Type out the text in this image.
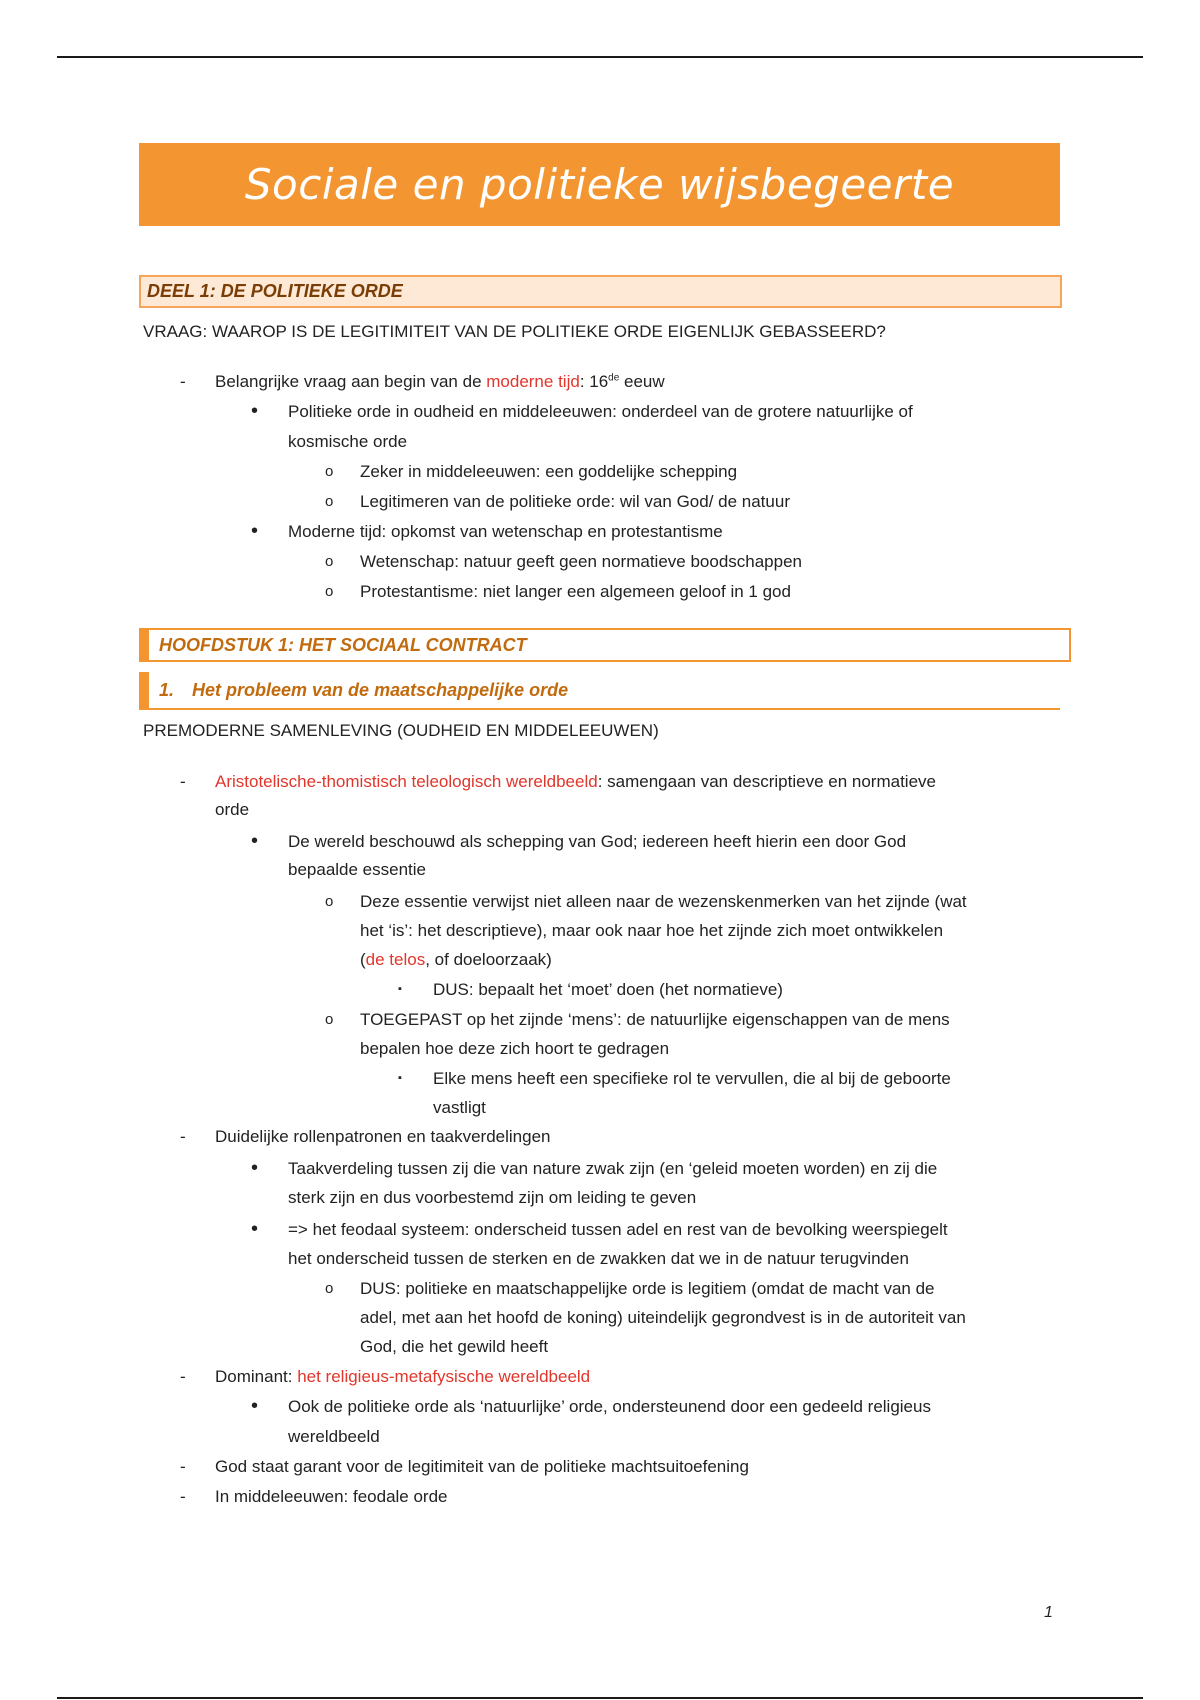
Sociale en politieke wijsbegeerte
DEEL 1: DE POLITIEKE ORDE
VRAAG: WAAROP IS DE LEGITIMITEIT VAN DE POLITIEKE ORDE EIGENLIJK GEBASSEERD?
- Belangrijke vraag aan begin van de moderne tijd: 16de eeuw
• Politieke orde in oudheid en middeleeuwen: onderdeel van de grotere natuurlijke of
kosmische orde
o Zeker in middeleeuwen: een goddelijke schepping
o Legitimeren van de politieke orde: wil van God/ de natuur
• Moderne tijd: opkomst van wetenschap en protestantisme
o Wetenschap: natuur geeft geen normatieve boodschappen
o Protestantisme: niet langer een algemeen geloof in 1 god
HOOFDSTUK 1: HET SOCIAAL CONTRACT
1. Het probleem van de maatschappelijke orde
PREMODERNE SAMENLEVING (OUDHEID EN MIDDELEEUWEN)
- Aristotelische-thomistisch teleologisch wereldbeeld: samengaan van descriptieve en normatieve
orde
• De wereld beschouwd als schepping van God; iedereen heeft hierin een door God
bepaalde essentie
o Deze essentie verwijst niet alleen naar de wezenskenmerken van het zijnde (wat
het ‘is’: het descriptieve), maar ook naar hoe het zijnde zich moet ontwikkelen
(de telos, of doeloorzaak)
▪ DUS: bepaalt het ‘moet’ doen (het normatieve)
o TOEGEPAST op het zijnde ‘mens’: de natuurlijke eigenschappen van de mens
bepalen hoe deze zich hoort te gedragen
▪ Elke mens heeft een specifieke rol te vervullen, die al bij de geboorte
vastligt
- Duidelijke rollenpatronen en taakverdelingen
• Taakverdeling tussen zij die van nature zwak zijn (en ‘geleid moeten worden) en zij die
sterk zijn en dus voorbestemd zijn om leiding te geven
• => het feodaal systeem: onderscheid tussen adel en rest van de bevolking weerspiegelt
het onderscheid tussen de sterken en de zwakken dat we in de natuur terugvinden
o DUS: politieke en maatschappelijke orde is legitiem (omdat de macht van de
adel, met aan het hoofd de koning) uiteindelijk gegrondvest is in de autoriteit van
God, die het gewild heeft
- Dominant: het religieus-metafysische wereldbeeld
• Ook de politieke orde als ‘natuurlijke’ orde, ondersteunend door een gedeeld religieus
wereldbeeld
- God staat garant voor de legitimiteit van de politieke machtsuitoefening
- In middeleeuwen: feodale orde
1
